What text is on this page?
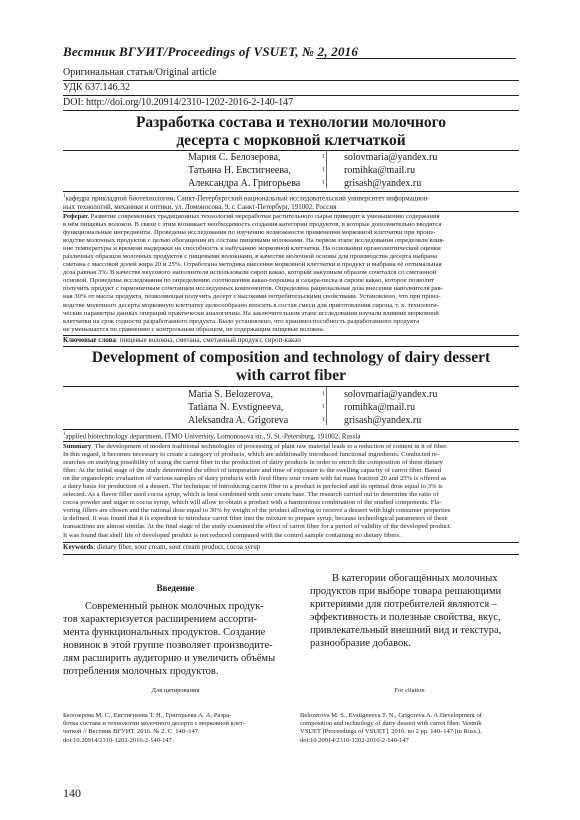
Вестник ВГУИТ/Proceedings of VSUET, № 2, 2016
Оригинальная статья/Original article
УДК 637.146.32
DOI: http://doi.org/10.20914/2310-1202-2016-2-140-147
Разработка состава и технологии молочного
десерта с морковной клетчаткой
Мария С. Белозерова,	1 solovmaria@yandex.ru
Татьяна Н. Евстигнеева,	1 romihka@mail.ru
Александра А. Григорьева	1 grisash@yandex.ru
$^1$кафедра прикладной биотехнологии, Санкт-Петербургский национальный исследовательский университет информацион-
ных технологий, механики и оптики, ул. Ломоносова, 9, г. Санкт-Петербург, 191002, Россия
Реферат. Развитие современных традиционных технологий переработки растительного сырья приводит к уменьшению содержания
в нём пищевых волокон. В связи с этим возникает необходимость создания категории продуктов, в которые дополнительно вводятся
функциональные ингредиенты. Проведены исследования по изучению возможности применения морковной клетчатки при произ-
водстве молочных продуктов с целью обогащения их состава пищевыми волокнами. На первом этапе исследования определяли влия-
ние температуры и времени выдержки на способность к набуханию морковной клетчатки. На основании органолептической оценки
различных образцов молочных продуктов с пищевыми волокнами, в качестве молочной основы для производства десерта выбрана
сметана с массовой долей жира 20 и 25%. Отработана методика внесения морковной клетчатки в продукт и выбрана её оптимальная
доза равная 3%. В качестве вкусового наполнителя использовали сироп какао, который накупным образом сочетался со сметанной
основой. Проведены исследования по определению соотношения какао-порошка и сахара-песка в сиропе какао, которое позволит
получить продукт с гармоничным сочетанием исследуемых компонентов. Определена рациональная доза внесения наполнителя рав-
ная 30% от массы продукта, позволяющая получить десерт с высокими потребительскими свойствами. Установлено, что при произ-
водстве молочного десерта морковную клетчатку целесообразно вносить в состав смеси для приготовления сиропа, т. к. технологи-
ческие параметры данных операций практически аналогичны. На заключительном этапе исследования изучали влияние морковной
клетчатки на срок годности разработанного продукта. Было установлено, что хранимоспособность разработанного продукта
не уменьшается по сравнению с контрольным образцом, не содержащим пищевые волокна.
Ключевые слова: пищевые волокна, сметана, сметанный продукт, сироп-какао
Development of composition and technology of dairy dessert
with carrot fiber
Maria S. Belozerova,	1 solovmaria@yandex.ru
Tatiana N. Evstigneeva,	1 romihka@mail.ru
Aleksandra A. Grigoreva	1 grisash@yandex.ru
$^1$applied biotechnology department, ITMO University, Lomonosova str., 9, St.-Petersburg, 191002, Russia
Summary. The development of modern traditional technologies of processing of plant raw material leads to a reduction of content in it of fiber.
In this regard, it becomes necessary to create a category of products, which are additionally introduced functional ingredients. Conducted re-
searches on studying possibility of using the carrot fiber in the production of dairy products in order to enrich the composition of them dietary
fiber. At the initial stage of the study determined the effect of temperature and time of exposure to the swelling capacity of carrot fiber. Based
on the organoleptic evaluation of various samples of dairy products with food fibers sour cream with fat mass fraction 20 and 25% is offered as
a dairy basis for production of a dessert. The technique of introducing carrot fiber in a product is perfected and its optimal dose equal to 3% is
selected. As a flavor filler used cocoa syrup, which is best combined with sour cream base. The research carried out to determine the ratio of
cocoa powder and sugar in cocoa syrup, which will allow to obtain a product with a harmonious combination of the studied components. Fla-
voring fillers are chosen and the rational dose equal to 30% by weight of the product allowing to receive a dessert with high consumer properties
is defined. It was found that it is expedient to introduce carrot fiber into the mixture to prepare syrup, because technological parameters of these
transactions are almost similar. At the final stage of the study examined the effect of carrot fiber for a period of validity of the developed product.
It was found that shelf life of developed product is not reduced compared with the control sample containing no dietary fibers.
Keywords: dietary fiber, sour cream, sour cream product, cocoa syrup
Введение
Современный рынок молочных продук-
тов характеризуется расширением ассорти-
мента функциональных продуктов. Создание
новинок в этой группе позволяет производите-
лям расширить аудиторию и увеличить объёмы
потребления молочных продуктов.
В категории обогащённых молочных
продуктов при выборе товара решающими
критериями для потребителей являются –
эффективность и полезные свойства, вкус,
привлекательный внешний вид и текстура,
разнообразие добавок.
Для цитирования	For citation
Белозерова М. С., Евстигнеева Т. Н., Григорьева А. А. Разра-
ботка состава и технологии молочного десерта с морковной клет-
чаткой // Вестник ВГУИТ. 2016. № 2. С. 140–147.
doi:10.20914/2310-1202-2016-2-140-147
Belozerova M. S., Evstigneeva T. N., Grigoreva A. A.Development of
composition and technology of dairy dessert with carrot fiber. Vestnik
VSUET [Proceedings of VSUET]. 2016. no 2 pp. 140–147 (in Russ.).
doi:10.20914/2310-1202-2016-2-140-147
140
